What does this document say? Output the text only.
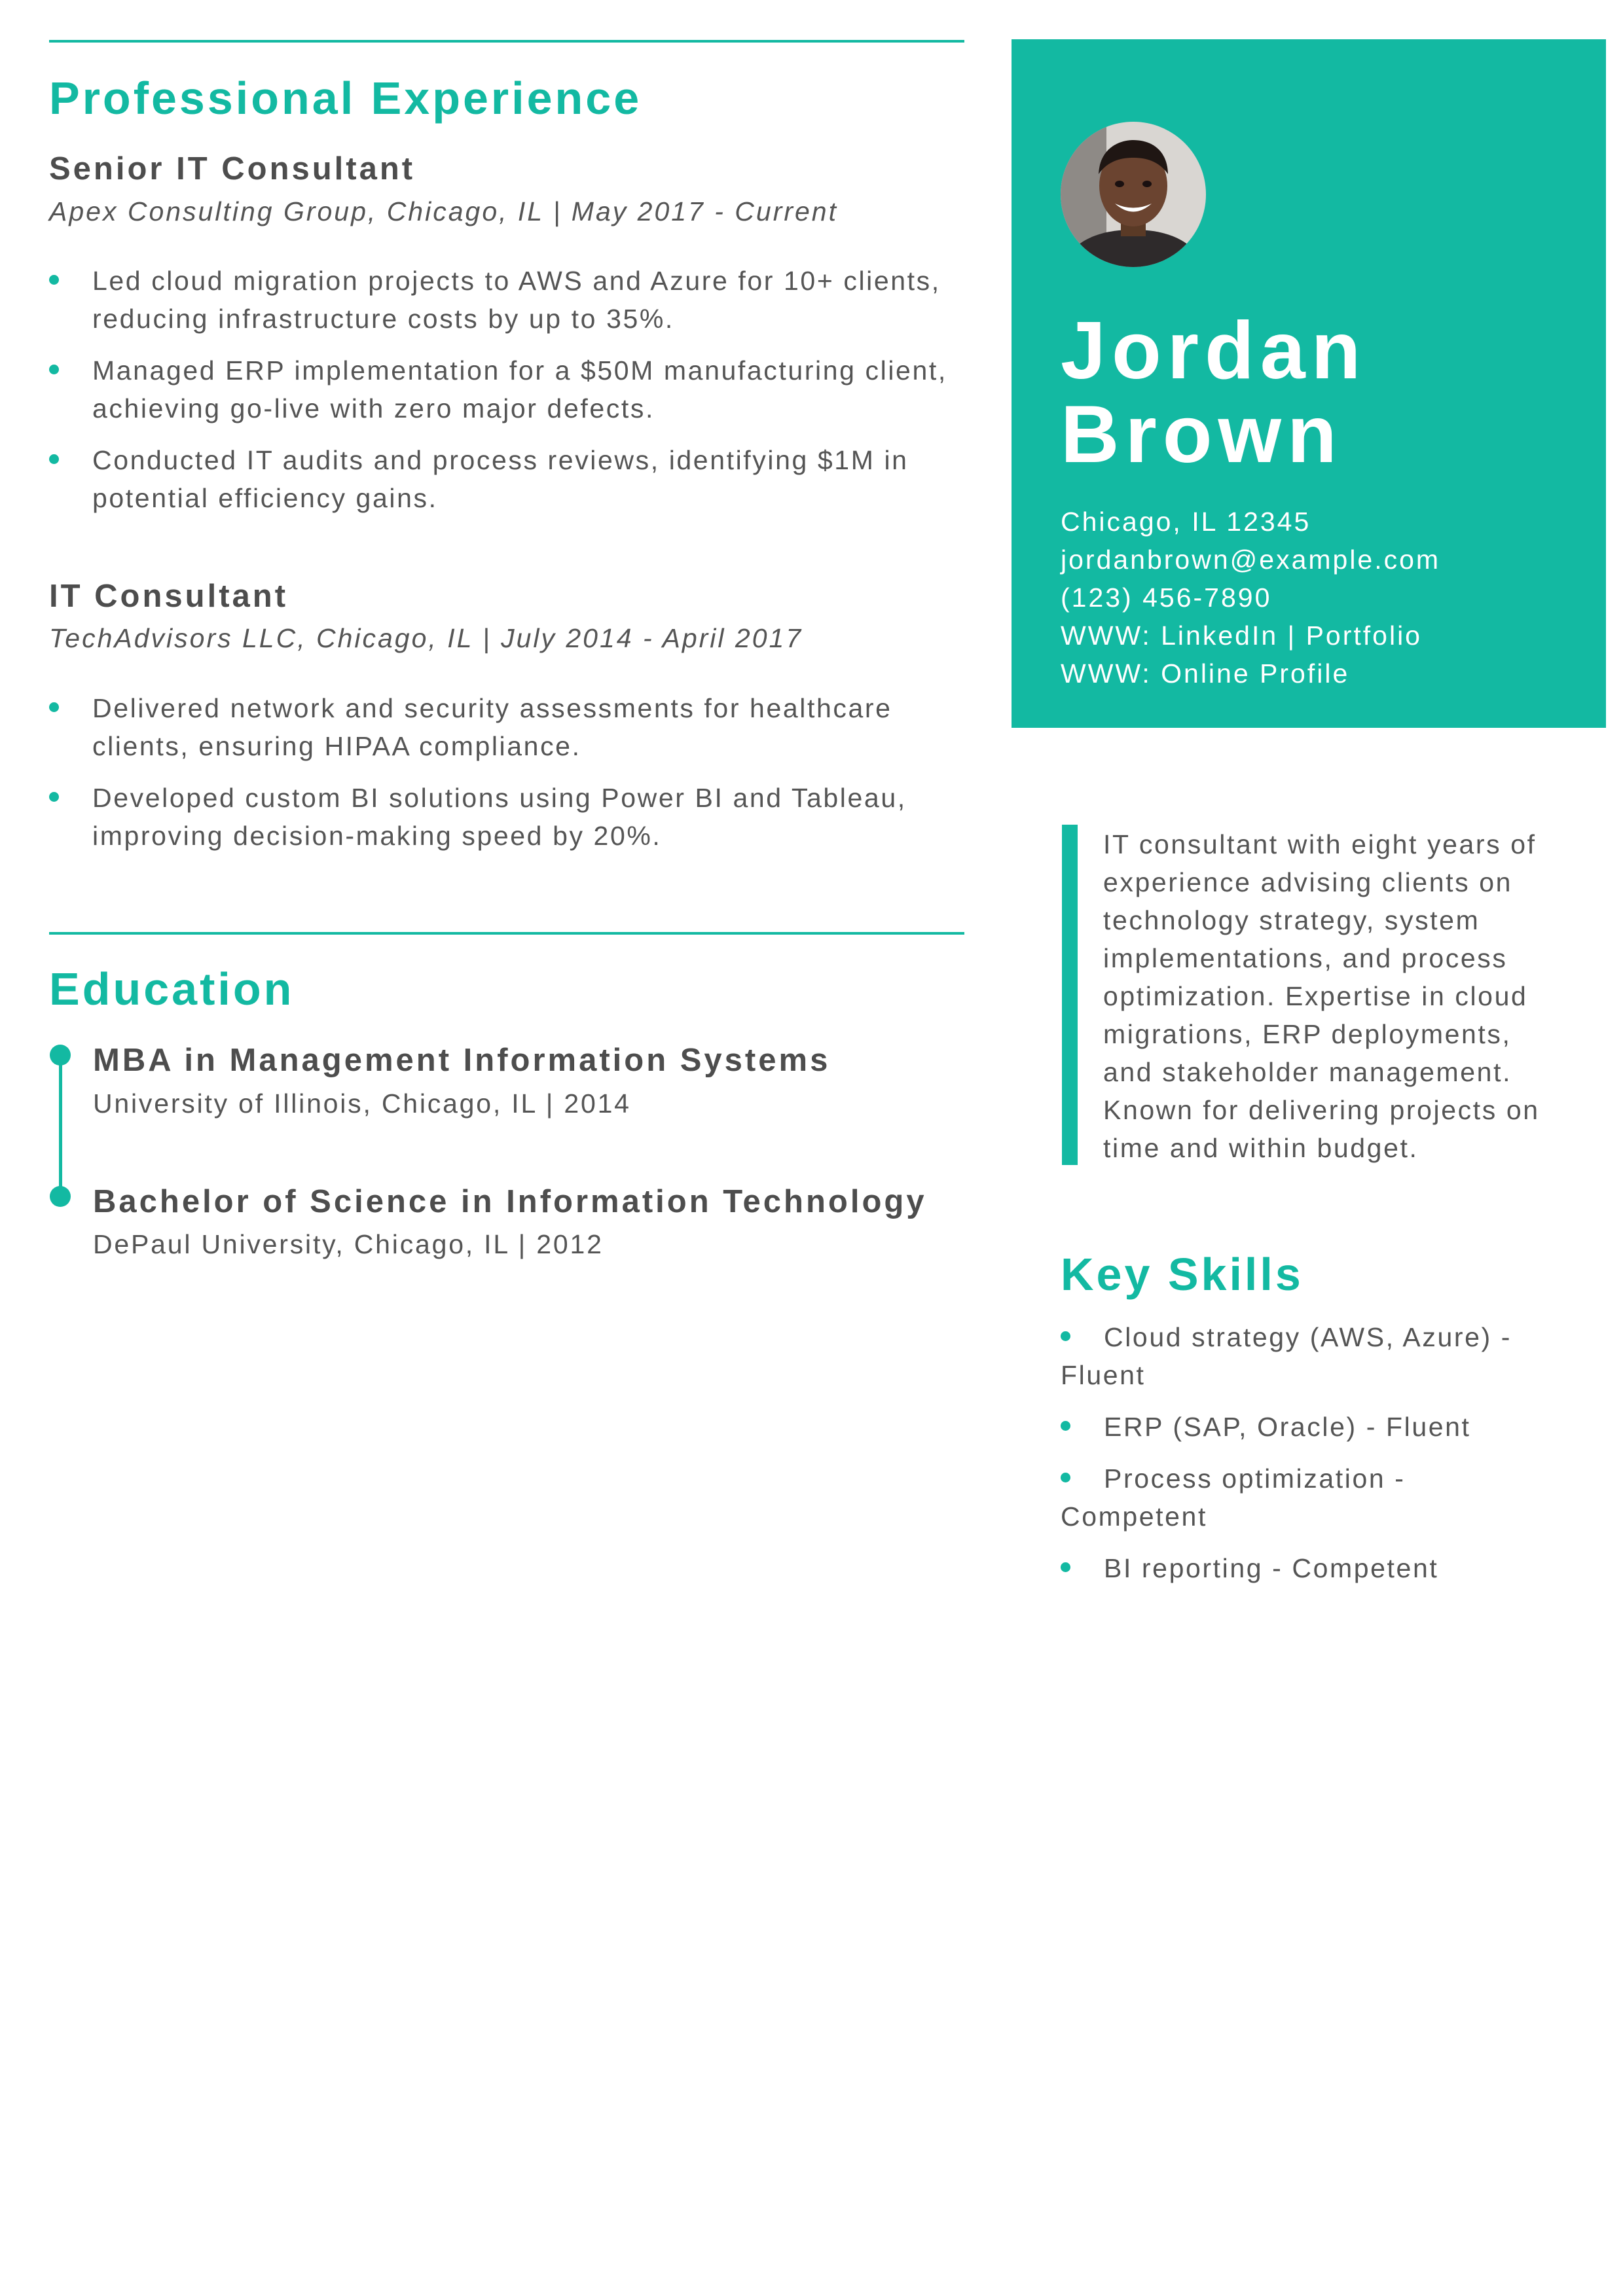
Professional Experience
Senior IT Consultant
Apex Consulting Group, Chicago, IL | May 2017 - Current
Led cloud migration projects to AWS and Azure for 10+ clients,
reducing infrastructure costs by up to 35%.
Managed ERP implementation for a $50M manufacturing client,
achieving go-live with zero major defects.
Conducted IT audits and process reviews, identifying $1M in
potential efficiency gains.
IT Consultant
TechAdvisors LLC, Chicago, IL | July 2014 - April 2017
Delivered network and security assessments for healthcare
clients, ensuring HIPAA compliance.
Developed custom BI solutions using Power BI and Tableau,
improving decision-making speed by 20%.
Education
MBA in Management Information Systems
University of Illinois, Chicago, IL | 2014
Bachelor of Science in Information Technology
DePaul University, Chicago, IL | 2012
Jordan
Brown
Chicago, IL 12345
jordanbrown@example.com
(123) 456-7890
WWW: LinkedIn | Portfolio
WWW: Online Profile
IT consultant with eight years of
experience advising clients on
technology strategy, system
implementations, and process
optimization. Expertise in cloud
migrations, ERP deployments,
and stakeholder management.
Known for delivering projects on
time and within budget.
Key Skills
Cloud strategy (AWS, Azure) -
Fluent
ERP (SAP, Oracle) - Fluent
Process optimization -
Competent
BI reporting - Competent
